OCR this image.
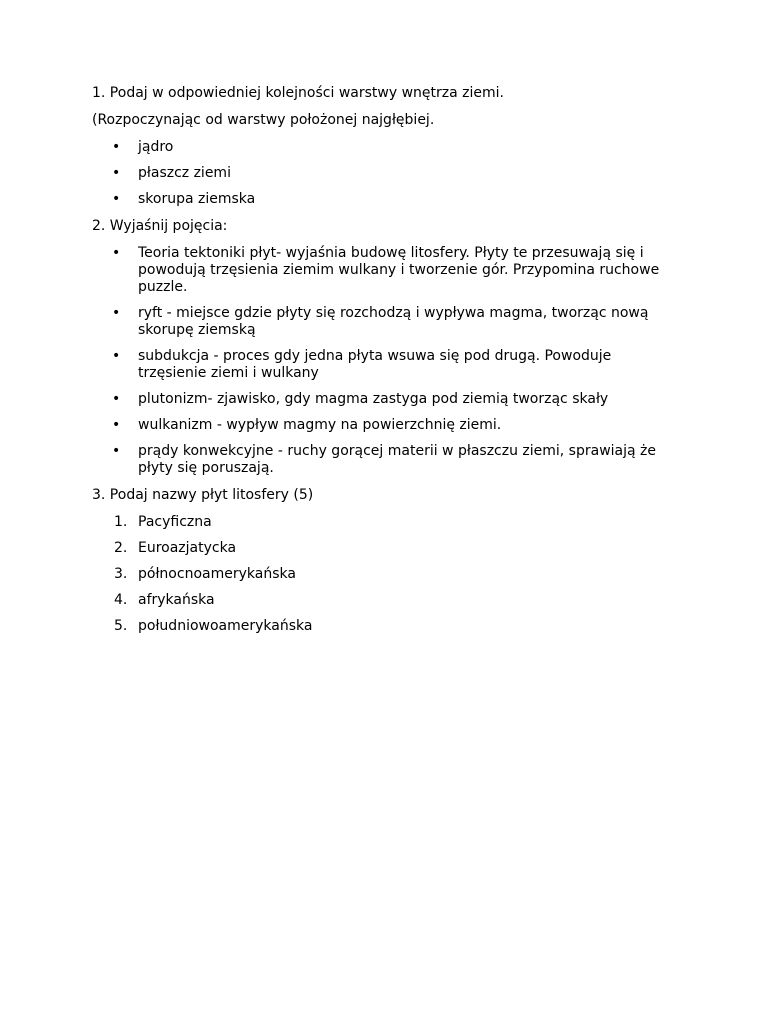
1. Podaj w odpowiedniej kolejności warstwy wnętrza ziemi.

(Rozpoczynając od warstwy położonej najgłębiej.

• jądro
• płaszcz ziemi
• skorupa ziemska

2. Wyjaśnij pojęcia:

• Teoria tektoniki płyt- wyjaśnia budowę litosfery. Płyty te przesuwają się i powodują trzęsienia ziemim wulkany i tworzenie gór. Przypomina ruchowe puzzle.
• ryft - miejsce gdzie płyty się rozchodzą i wypływa magma, tworząc nową skorupę ziemską
• subdukcja - proces gdy jedna płyta wsuwa się pod drugą. Powoduje trzęsienie ziemi i wulkany
• plutonizm- zjawisko, gdy magma zastyga pod ziemią tworząc skały
• wulkanizm - wypływ magmy na powierzchnię ziemi.
• prądy konwekcyjne - ruchy gorącej materii w płaszczu ziemi, sprawiają że płyty się poruszają.

3. Podaj nazwy płyt litosfery (5)

1. Pacyficzna
2. Euroazjatycka
3. północnoamerykańska
4. afrykańska
5. południowoamerykańska
